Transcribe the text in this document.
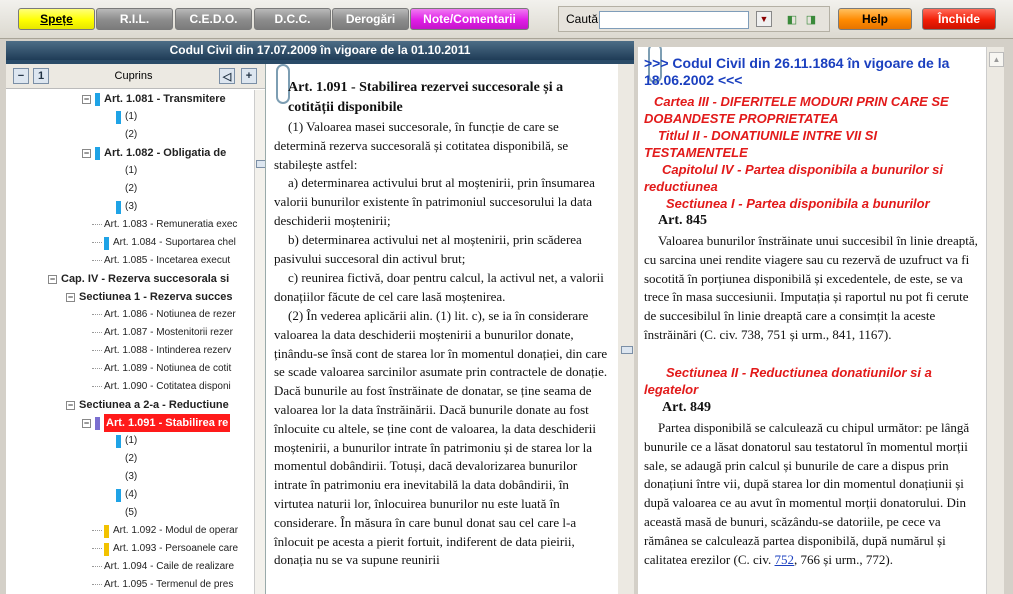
Spețe	R.I.L.	C.E.D.O.	D.C.C.	Derogări	Note/Comentarii	Caută	▼	◧ ◨	Help	Închide
Codul Civil din 17.07.2009 în vigoare de la 01.10.2011
−	1	Cuprins	◁	+
− Art. 1.081 - Transmitere
(1)
(2)
− Art. 1.082 - Obligatia de
(1)
(2)
(3)
Art. 1.083 - Remuneratia exec
Art. 1.084 - Suportarea chel
Art. 1.085 - Incetarea execut
− Cap. IV - Rezerva succesorala si
− Sectiunea 1 - Rezerva succes
Art. 1.086 - Notiunea de rezer
Art. 1.087 - Mostenitorii rezer
Art. 1.088 - Intinderea rezerv
Art. 1.089 - Notiunea de cotit
Art. 1.090 - Cotitatea disponi
− Sectiunea a 2-a - Reductiune
− Art. 1.091 - Stabilirea re
(1)
(2)
(3)
(4)
(5)
Art. 1.092 - Modul de operar
Art. 1.093 - Persoanele care
Art. 1.094 - Caile de realizare
Art. 1.095 - Termenul de pres
Art. 1.091 - Stabilirea rezervei succesorale și a cotității disponibile
(1) Valoarea masei succesorale, în funcție de care se determină rezerva succesorală și cotitatea disponibilă, se stabilește astfel:
a) determinarea activului brut al moștenirii, prin însumarea valorii bunurilor existente în patrimoniul succesorului la data deschiderii moștenirii;
b) determinarea activului net al moștenirii, prin scăderea pasivului succesoral din activul brut;
c) reunirea fictivă, doar pentru calcul, la activul net, a valorii donațiilor făcute de cel care lasă moștenirea.
(2) În vederea aplicării alin. (1) lit. c), se ia în considerare valoarea la data deschiderii moștenirii a bunurilor donate, ținându-se însă cont de starea lor în momentul donației, din care se scade valoarea sarcinilor asumate prin contractele de donație. Dacă bunurile au fost înstrăinate de donatar, se ține seama de valoarea lor la data înstrăinării. Dacă bunurile donate au fost înlocuite cu altele, se ține cont de valoarea, la data deschiderii moștenirii, a bunurilor intrate în patrimoniu și de starea lor la momentul dobândirii. Totuși, dacă devalorizarea bunurilor intrate în patrimoniu era inevitabilă la data dobândirii, în virtutea naturii lor, înlocuirea bunurilor nu este luată în considerare. În măsura în care bunul donat sau cel care l-a înlocuit pe acesta a pierit fortuit, indiferent de data pieirii, donația nu se va supune reunirii
>>> Codul Civil din 26.11.1864 în vigoare de la 18.06.2002 <<<
Cartea III - DIFERITELE MODURI PRIN CARE SE DOBANDESTE PROPRIETATEA
Titlul II - DONATIUNILE INTRE VII SI TESTAMENTELE
Capitolul IV - Partea disponibila a bunurilor si reductiunea
Sectiunea I - Partea disponibila a bunurilor
Art. 845
Valoarea bunurilor înstrăinate unui succesibil în linie dreaptă, cu sarcina unei rendite viagere sau cu rezervă de uzufruct va fi socotită în porțiunea disponibilă și excedentele, de este, se va trece în masa succesiunii. Imputația și raportul nu pot fi cerute de succesibilul în linie dreaptă care a consimțit la aceste înstrăinări (C. civ. 738, 751 și urm., 841, 1167).
Sectiunea II - Reductiunea donatiunilor si a legatelor
Art. 849
Partea disponibilă se calculează cu chipul următor: pe lângă bunurile ce a lăsat donatorul sau testatorul în momentul morții sale, se adaugă prin calcul și bunurile de care a dispus prin donațiuni între vii, după starea lor din momentul donațiunii și după valoarea ce au avut în momentul morții donatorului. Din această masă de bunuri, scăzându-se datoriile, pe cece va rămânea se calculează partea disponibilă, după numărul și calitatea erezilor (C. civ. 752, 766 și urm., 772).
▲
